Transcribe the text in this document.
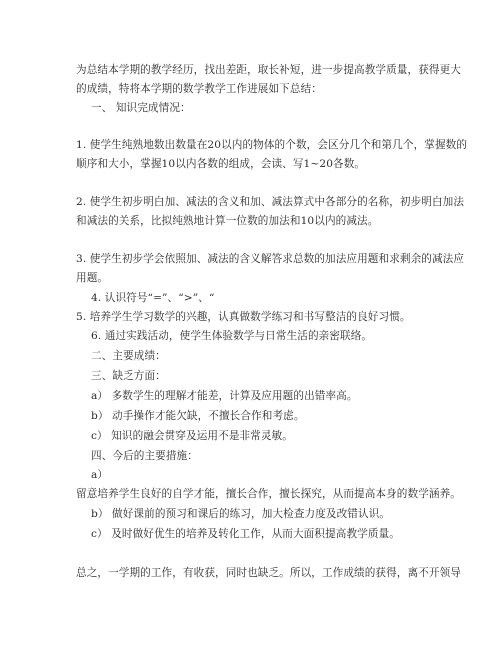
为总结本学期的教学经历，找出差距，取长补短，进一步提高教学质量，获得更大
的成绩，特将本学期的数学教学工作进展如下总结：
一、 知识完成情况：
1. 使学生纯熟地数出数量在20以内的物体的个数，会区分几个和第几个，掌握数的
顺序和大小，掌握10以内各数的组成，会读、写1~20各数。
2. 使学生初步明白加、减法的含义和加、减法算式中各部分的名称，初步明白加法
和减法的关系，比拟纯熟地计算一位数的加法和10以内的减法。
3. 使学生初步学会依照加、减法的含义解答求总数的加法应用题和求剩余的减法应
用题。
4. 认识符号“=”、“>”、“
5. 培养学生学习数学的兴趣，认真做数学练习和书写整洁的良好习惯。
6. 通过实践活动，使学生体验数学与日常生活的亲密联络。
二、主要成绩：
三、缺乏方面：
a） 多数学生的理解才能差，计算及应用题的出错率高。
b） 动手操作才能欠缺，不擅长合作和考虑。
c） 知识的融会贯穿及运用不是非常灵敏。
四、今后的主要措施：
a）
留意培养学生良好的自学才能，擅长合作，擅长探究，从而提高本身的数学涵养。
b） 做好课前的预习和课后的练习，加大检查力度及改错认识。
c） 及时做好优生的培养及转化工作，从而大面积提高教学质量。
总之，一学期的工作，有收获，同时也缺乏。所以，工作成绩的获得，离不开领导
